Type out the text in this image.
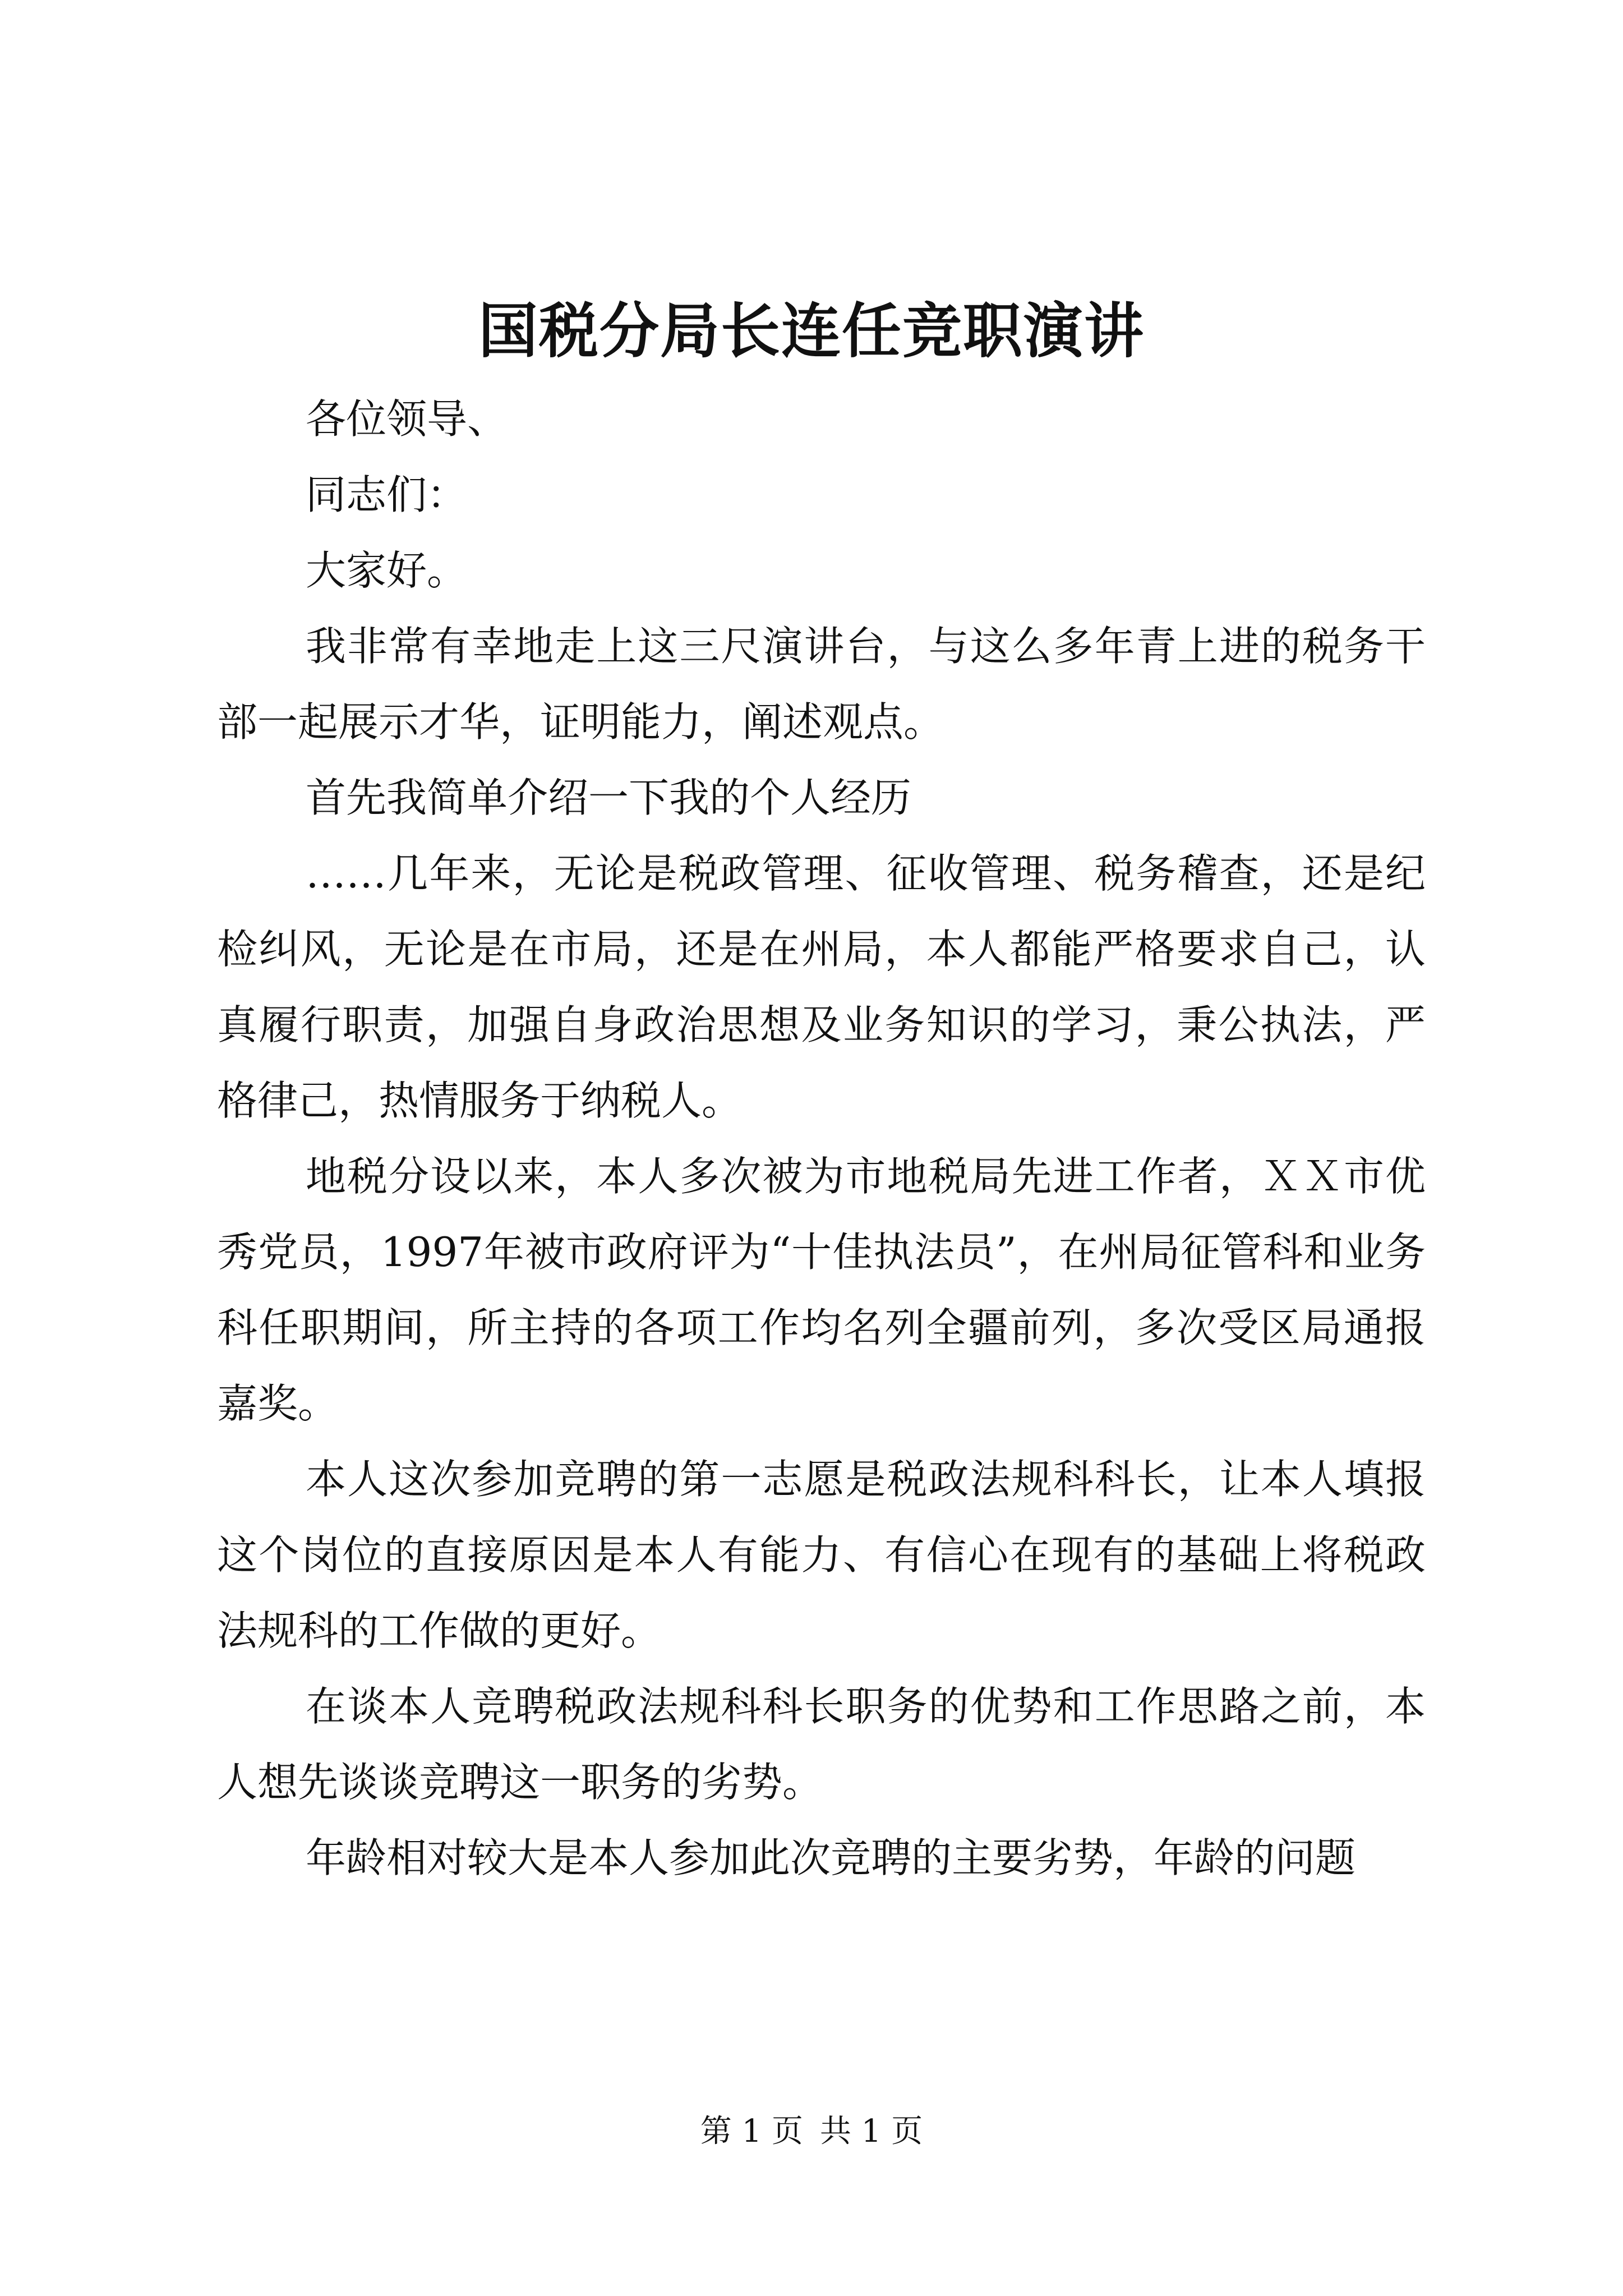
国税分局长连任竞职演讲

各位领导、

同志们：

大家好。

我非常有幸地走上这三尺演讲台，与这么多年青上进的税务干部一起展示才华，证明能力，阐述观点。

首先我简单介绍一下我的个人经历

……几年来，无论是税政管理、征收管理、税务稽查，还是纪检纠风，无论是在市局，还是在州局，本人都能严格要求自己，认真履行职责，加强自身政治思想及业务知识的学习，秉公执法，严格律己，热情服务于纳税人。

地税分设以来，本人多次被为市地税局先进工作者，ＸＸ市优秀党员，1997年被市政府评为“十佳执法员”，在州局征管科和业务科任职期间，所主持的各项工作均名列全疆前列，多次受区局通报嘉奖。

本人这次参加竞聘的第一志愿是税政法规科科长，让本人填报这个岗位的直接原因是本人有能力、有信心在现有的基础上将税政法规科的工作做的更好。

在谈本人竞聘税政法规科科长职务的优势和工作思路之前，本人想先谈谈竞聘这一职务的劣势。

年龄相对较大是本人参加此次竞聘的主要劣势，年龄的问题

第 1 页 共 1 页
